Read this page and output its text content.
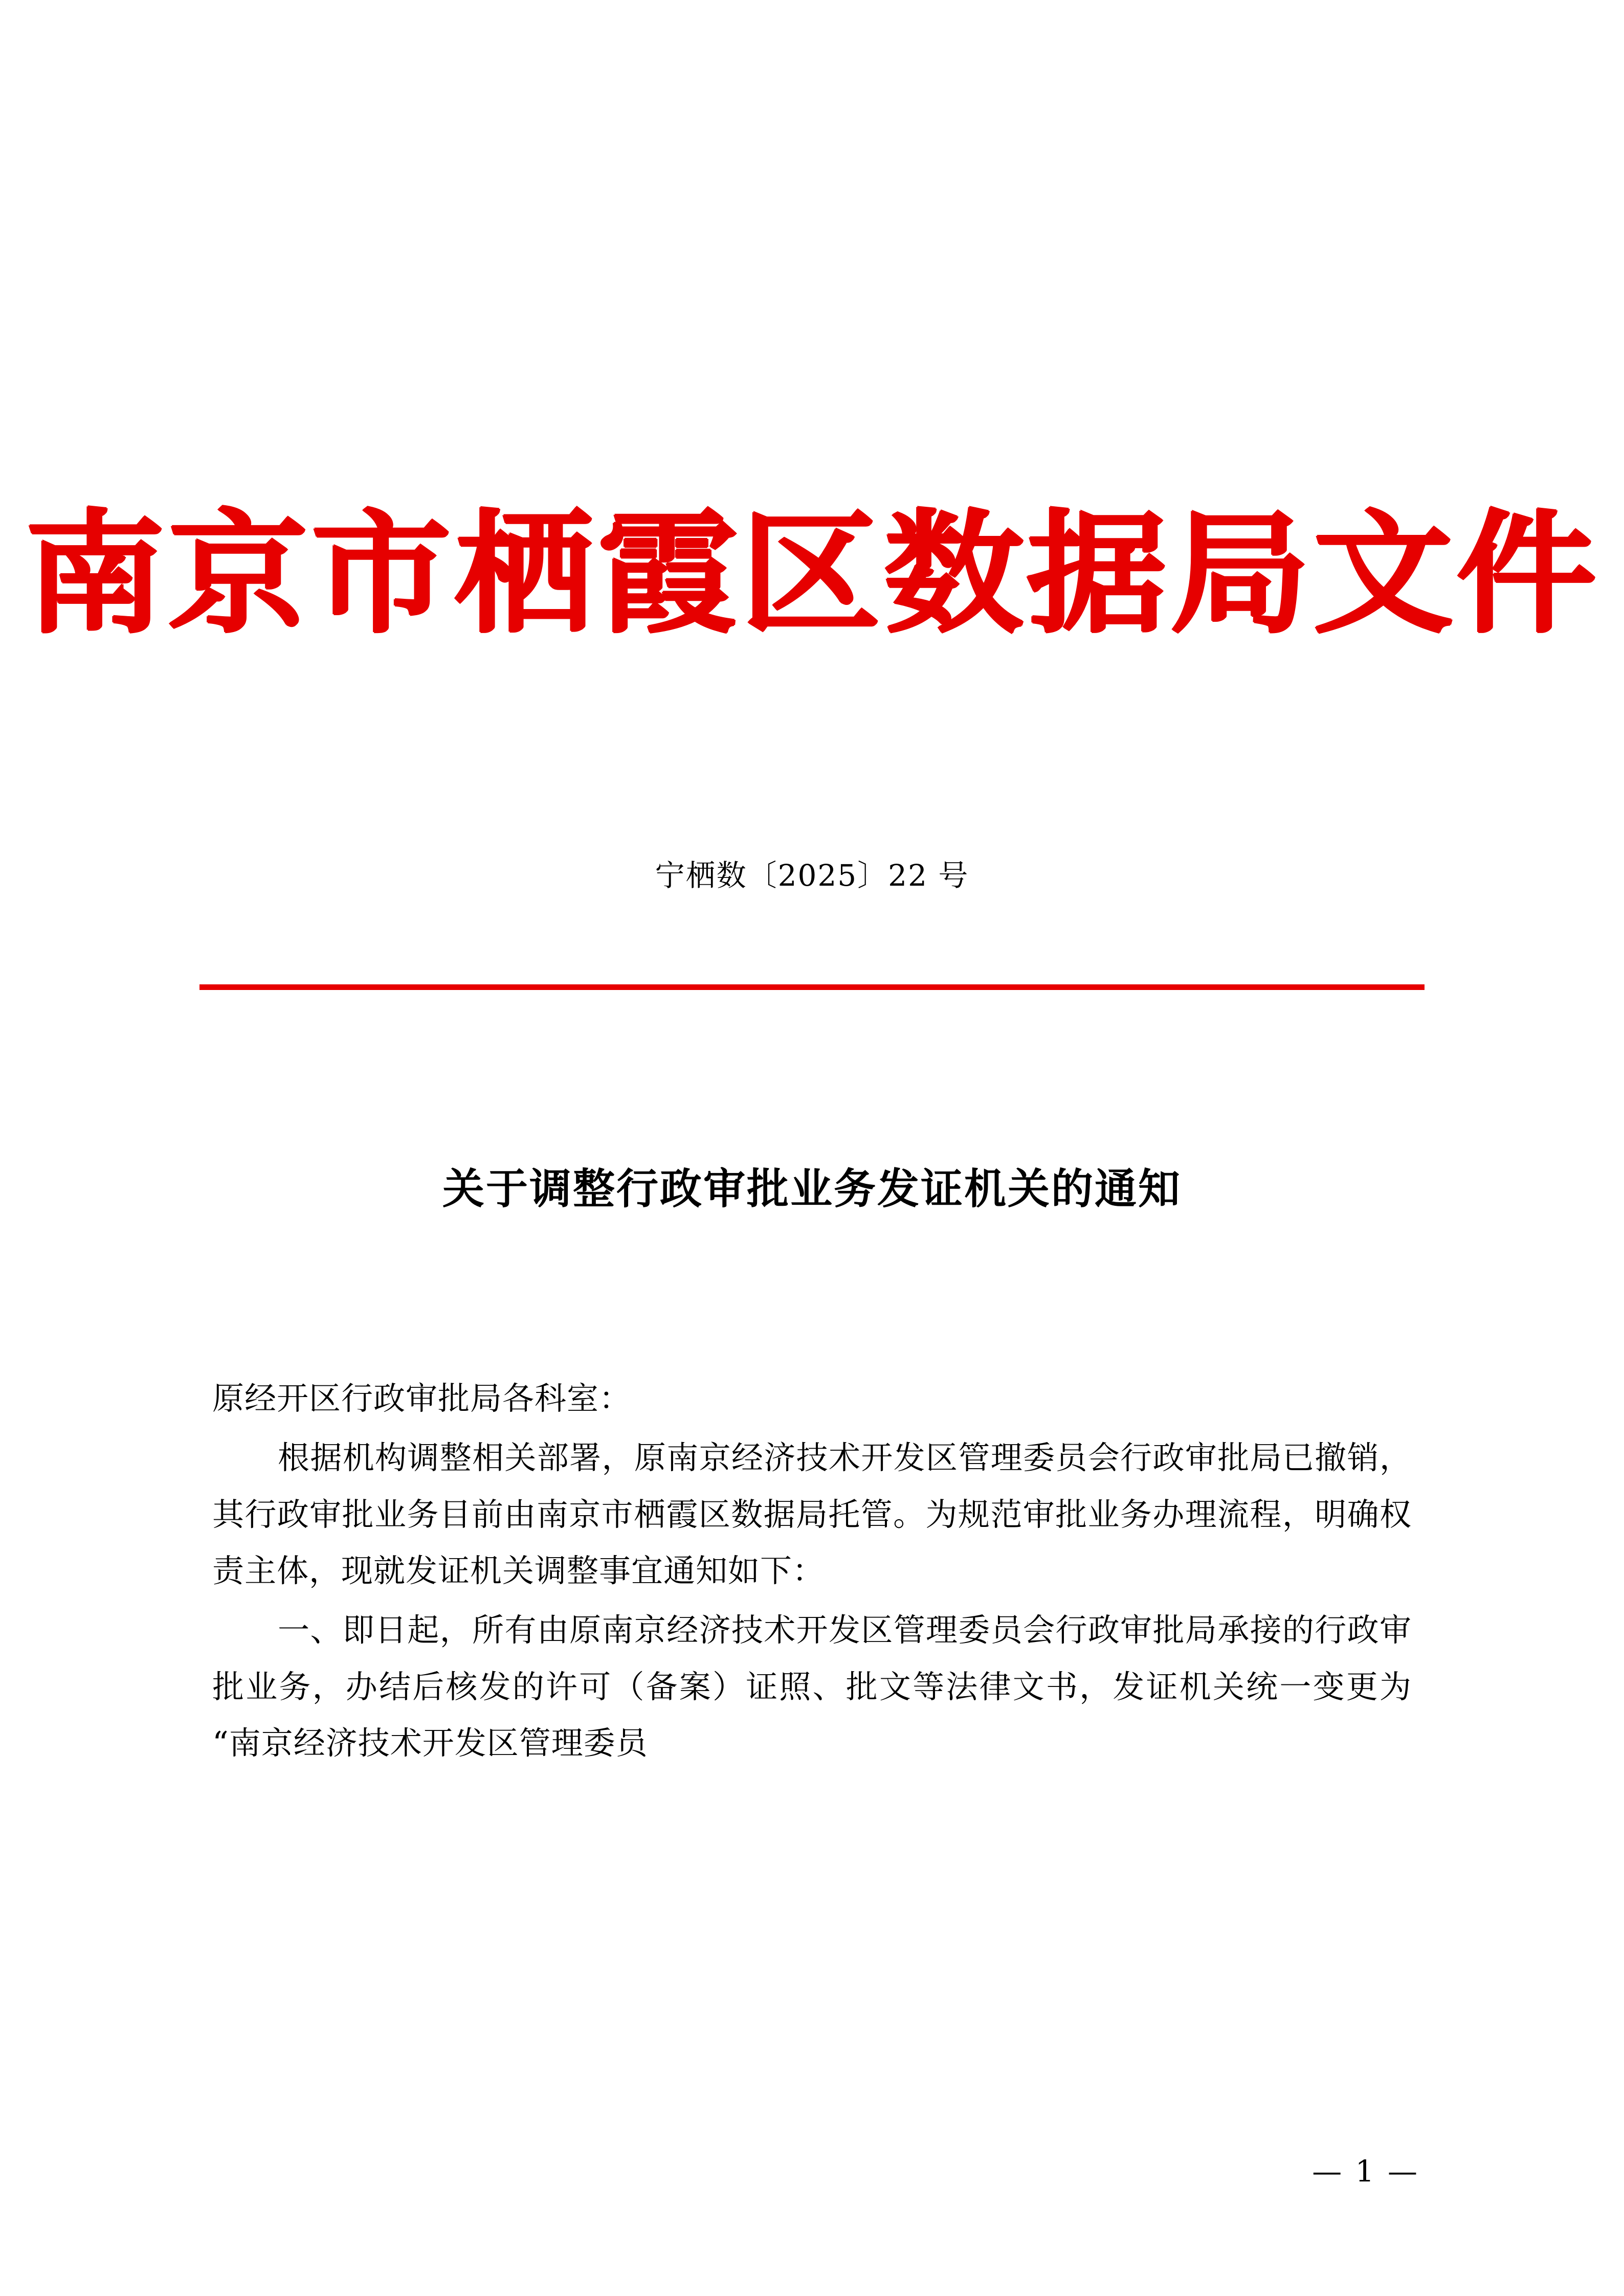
南京市栖霞区数据局文件
宁栖数〔2025〕22 号
关于调整行政审批业务发证机关的通知

原经开区行政审批局各科室：

根据机构调整相关部署，原南京经济技术开发区管理委员会行政审批局已撤销，其行政审批业务目前由南京市栖霞区数据局托管。为规范审批业务办理流程，明确权责主体，现就发证机关调整事宜通知如下：

一、即日起，所有由原南京经济技术开发区管理委员会行政审批局承接的行政审批业务，办结后核发的许可（备案）证照、批文等法律文书，发证机关统一变更为“南京经济技术开发区管理委员

— 1 —
